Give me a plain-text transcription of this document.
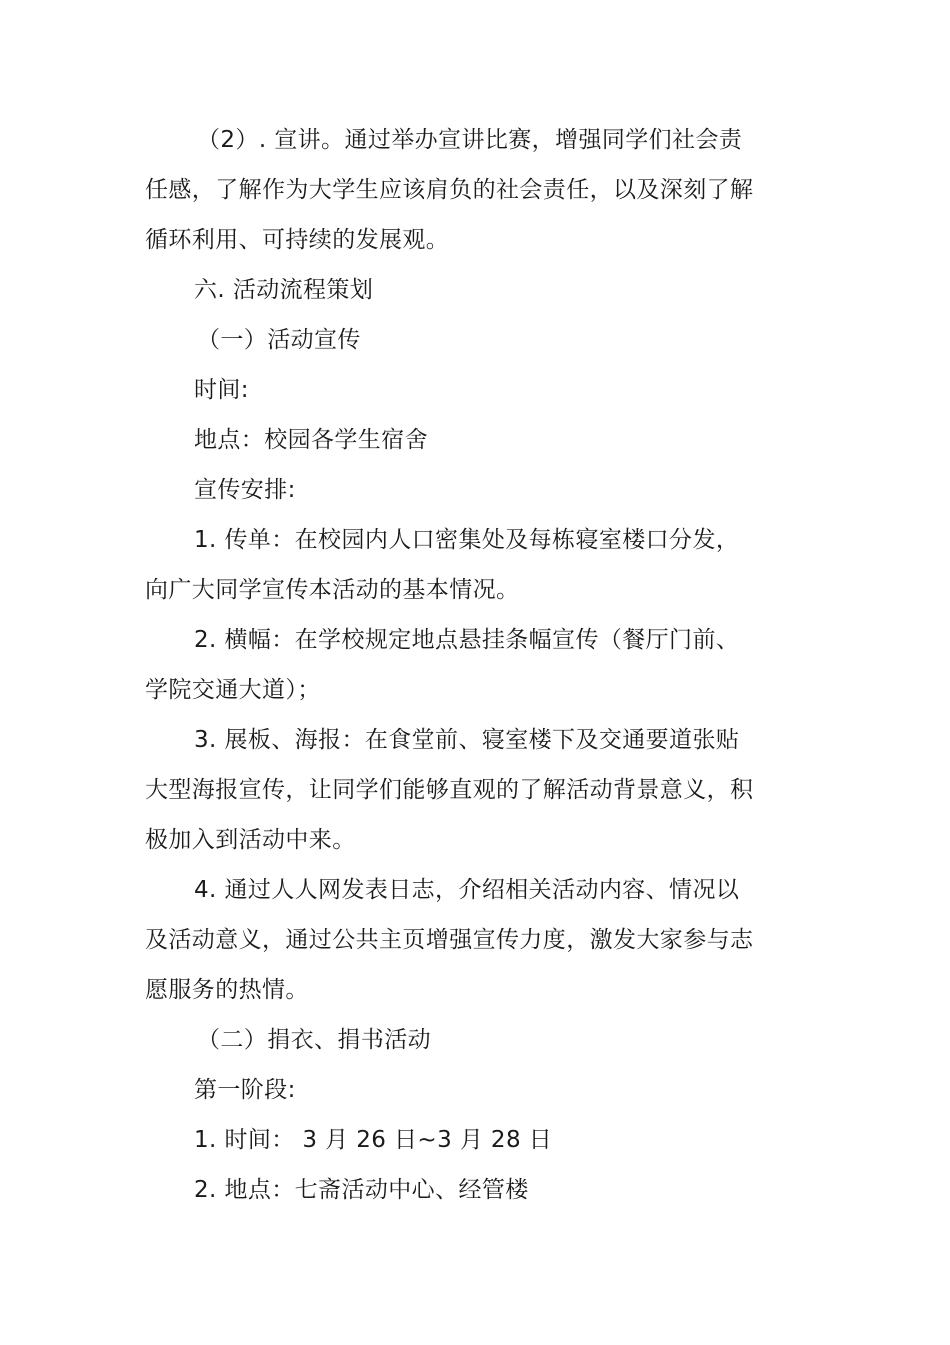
（2）. 宣讲。通过举办宣讲比赛，增强同学们社会责任感，了解作为大学生应该肩负的社会责任，以及深刻了解循环利用、可持续的发展观。

六. 活动流程策划

（一）活动宣传

时间:

地点：校园各学生宿舍

宣传安排:

1. 传单：在校园内人口密集处及每栋寝室楼口分发，向广大同学宣传本活动的基本情况。

2. 横幅：在学校规定地点悬挂条幅宣传（餐厅门前、学院交通大道）；

3. 展板、海报：在食堂前、寝室楼下及交通要道张贴大型海报宣传，让同学们能够直观的了解活动背景意义，积极加入到活动中来。

4. 通过人人网发表日志，介绍相关活动内容、情况以及活动意义，通过公共主页增强宣传力度，激发大家参与志愿服务的热情。

（二）捐衣、捐书活动

第一阶段:

1. 时间： 3 月 26 日~3 月 28 日

2. 地点：七斋活动中心、经管楼
